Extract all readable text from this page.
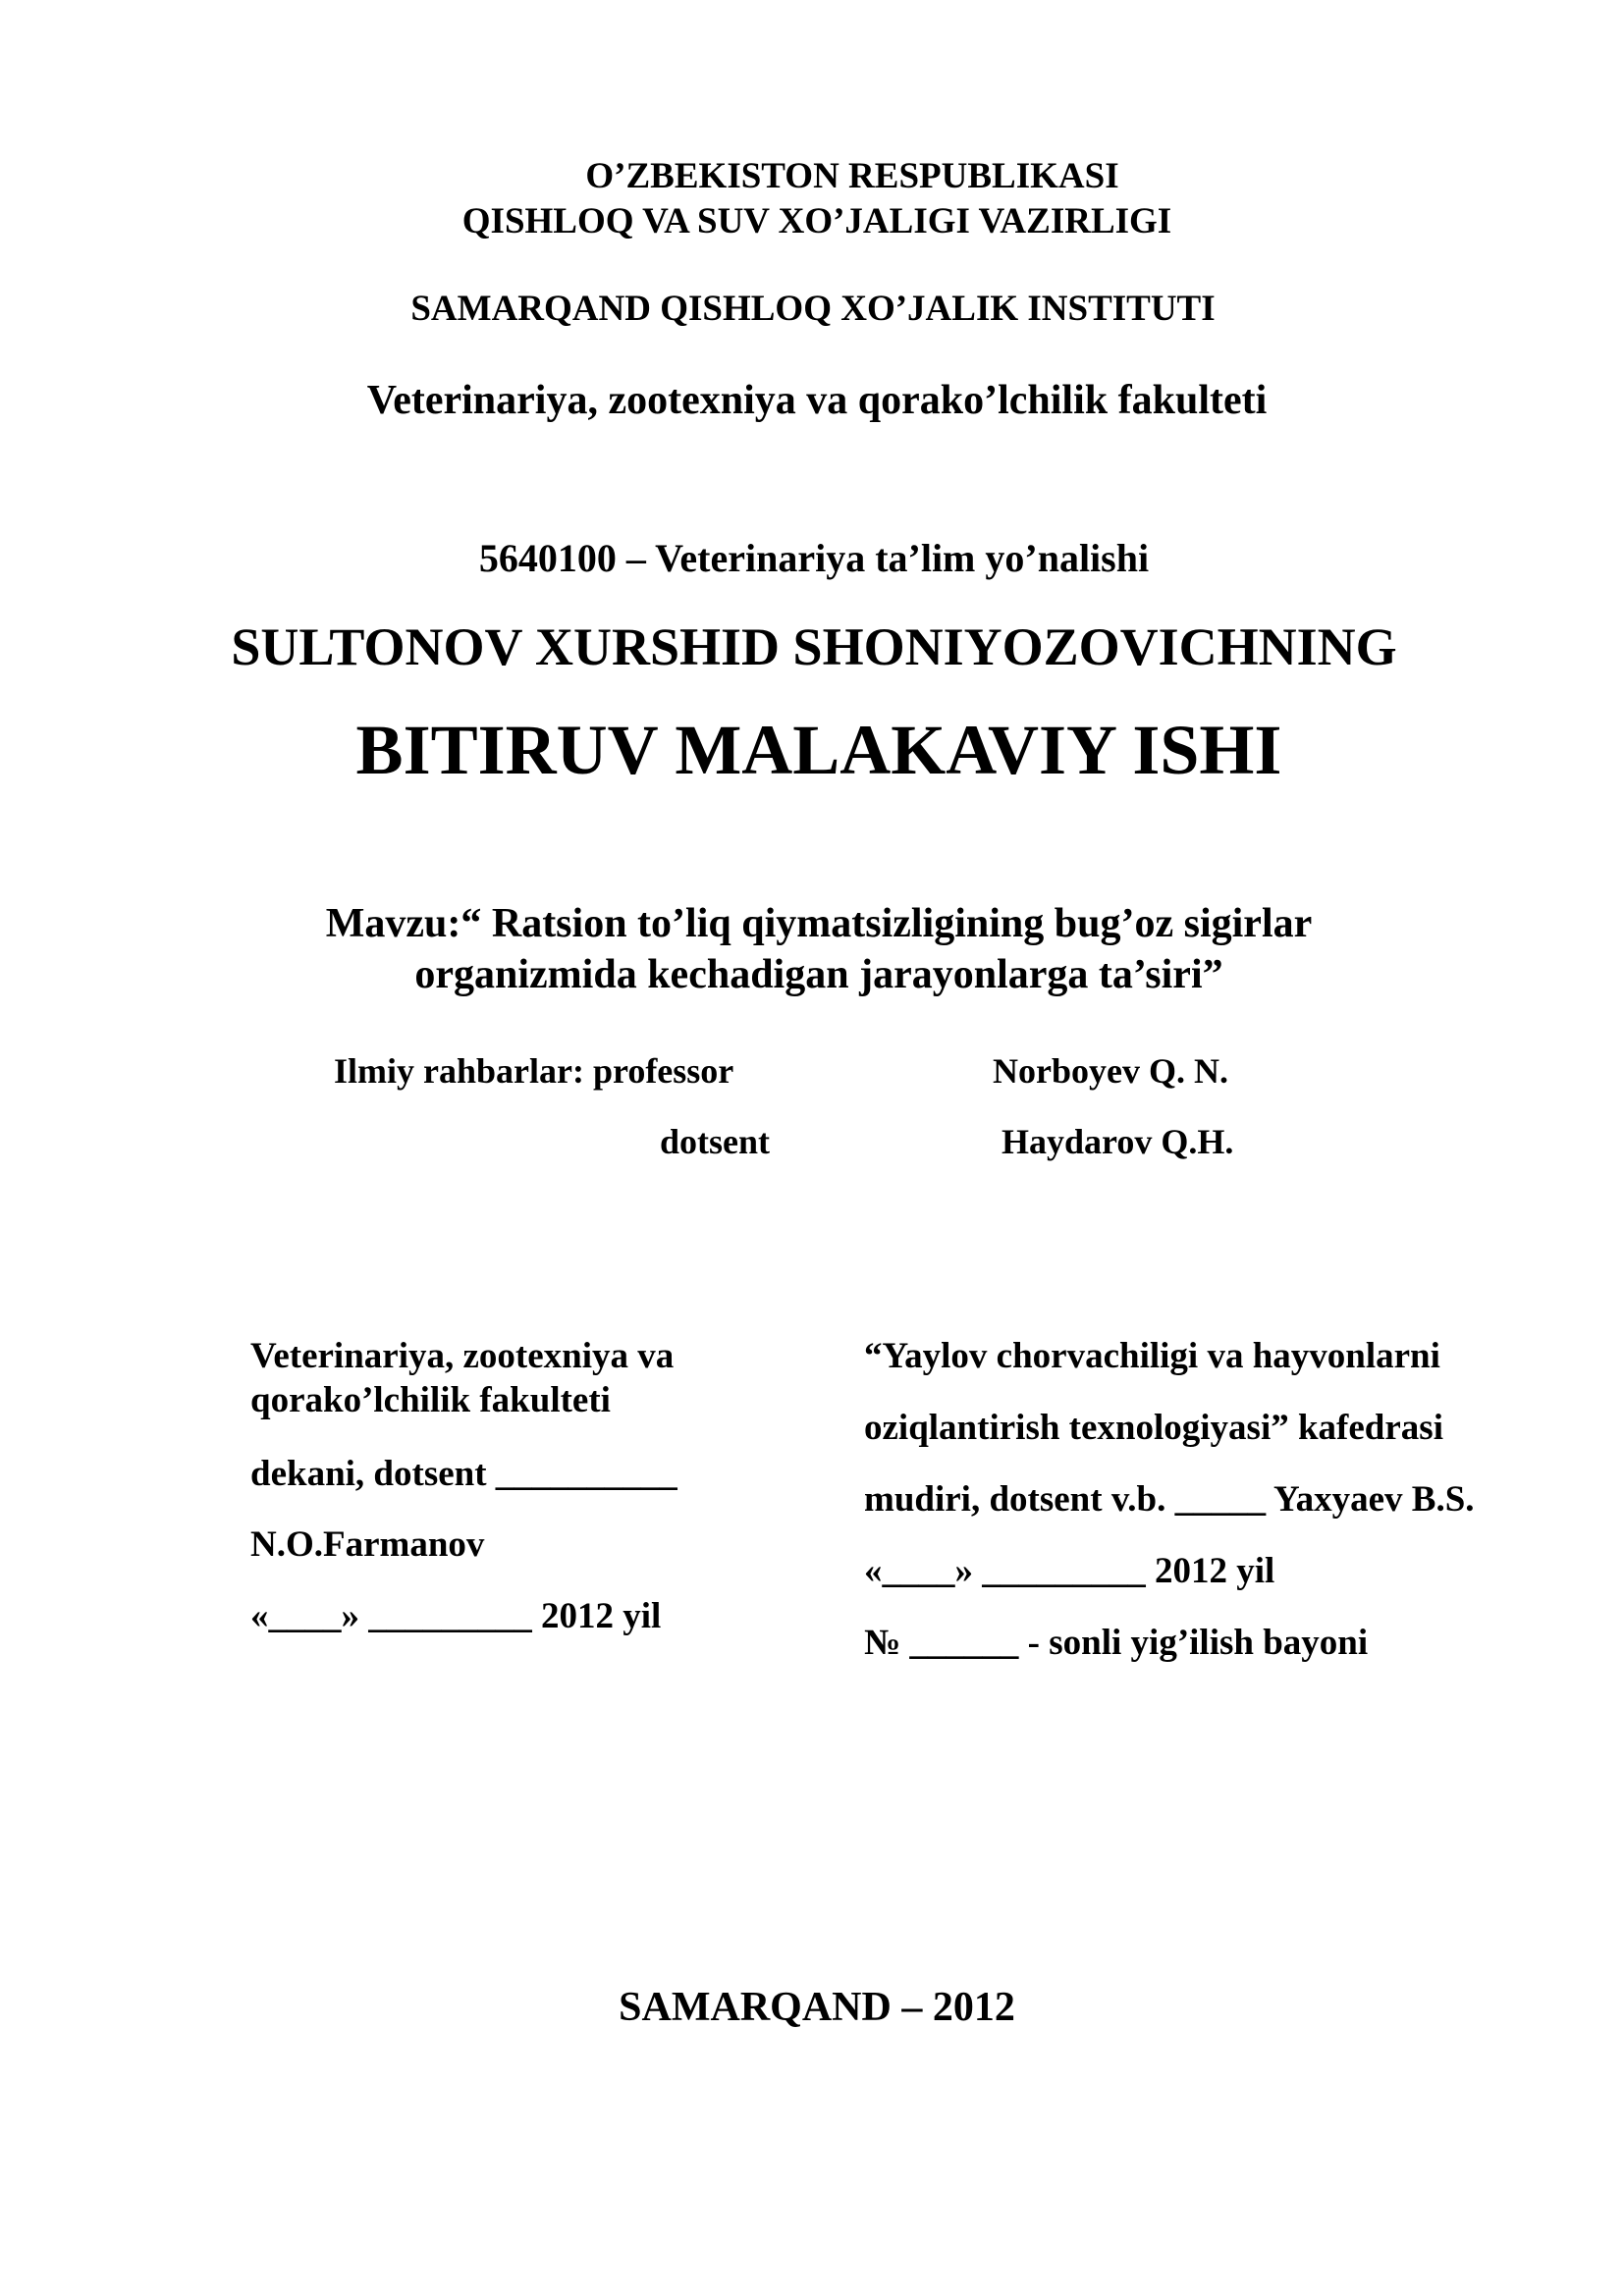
O’ZBEKISTON RESPUBLIKASI
QISHLOQ VA SUV XO’JALIGI VAZIRLIGI
SAMARQAND QISHLOQ XO’JALIK INSTITUTI
Veterinariya, zootexniya va qorako’lchilik fakulteti
5640100 – Veterinariya ta’lim yo’nalishi
SULTONOV XURSHID SHONIYOZOVICHNING
BITIRUV MALAKAVIY ISHI
Mavzu:“ Ratsion to’liq qiymatsizligining bug’oz sigirlar
organizmida kechadigan jarayonlarga ta’siri”
Ilmiy rahbarlar: professor	Norboyev Q. N.
dotsent	Haydarov Q.H.
Veterinariya, zootexniya va
qorako’lchilik fakulteti
dekani, dotsent __________
N.O.Farmanov
«____» _________ 2012 yil
“Yaylov chorvachiligi va hayvonlarni
oziqlantirish texnologiyasi” kafedrasi
mudiri, dotsent v.b. _____ Yaxyaev B.S.
«____» _________ 2012 yil
№ ______ - sonli yig’ilish bayoni
SAMARQAND – 2012
